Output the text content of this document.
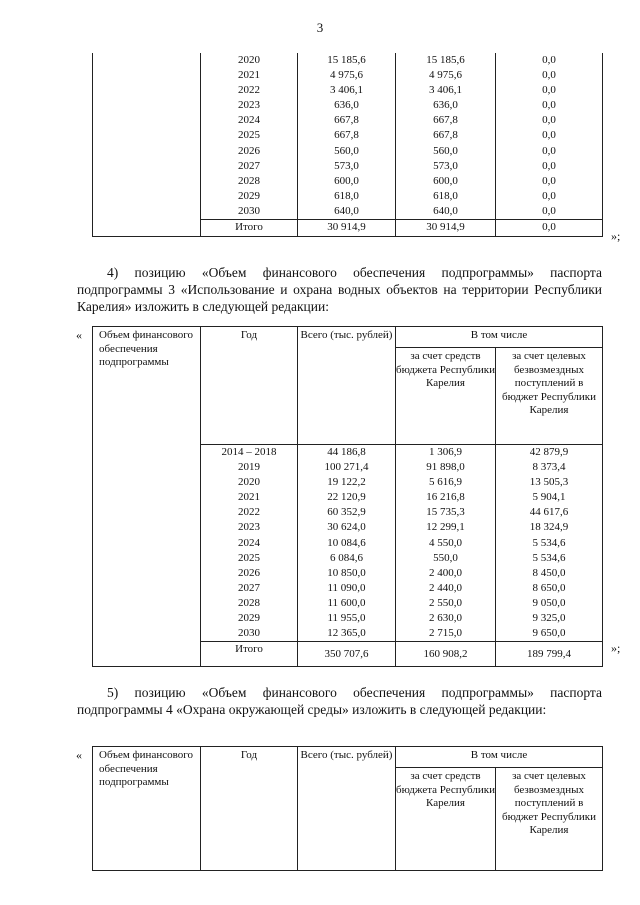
3
	2020	15 185,6	15 185,6	0,0
	2021	4 975,6	4 975,6	0,0
	2022	3 406,1	3 406,1	0,0
	2023	636,0	636,0	0,0
	2024	667,8	667,8	0,0
	2025	667,8	667,8	0,0
	2026	560,0	560,0	0,0
	2027	573,0	573,0	0,0
	2028	600,0	600,0	0,0
	2029	618,0	618,0	0,0
	2030	640,0	640,0	0,0
	Итого	30 914,9	30 914,9	0,0
»;
4) позицию «Объем финансового обеспечения подпрограммы» паспорта подпрограммы 3 «Использование и охрана водных объектов на территории Республики Карелия» изложить в следующей редакции:
« Объем финансового обеспечения подпрограммы	Год	Всего (тыс. рублей)	В том числе	
			за счет средств бюджета Республики Карелия	за счет целевых безвозмездных поступлений в бюджет Республики Карелия
	2014 – 2018	44 186,8	1 306,9	42 879,9
	2019	100 271,4	91 898,0	8 373,4
	2020	19 122,2	5 616,9	13 505,3
	2021	22 120,9	16 216,8	5 904,1
	2022	60 352,9	15 735,3	44 617,6
	2023	30 624,0	12 299,1	18 324,9
	2024	10 084,6	4 550,0	5 534,6
	2025	6 084,6	550,0	5 534,6
	2026	10 850,0	2 400,0	8 450,0
	2027	11 090,0	2 440,0	8 650,0
	2028	11 600,0	2 550,0	9 050,0
	2029	11 955,0	2 630,0	9 325,0
	2030	12 365,0	2 715,0	9 650,0
	Итого	350 707,6	160 908,2	189 799,4	»;
5) позицию «Объем финансового обеспечения подпрограммы» паспорта подпрограммы 4 «Охрана окружающей среды» изложить в следующей редакции:
« Объем финансового обеспечения подпрограммы	Год	Всего (тыс. рублей)	В том числе	
			за счет средств бюджета Республики Карелия	за счет целевых безвозмездных поступлений в бюджет Республики Карелия
